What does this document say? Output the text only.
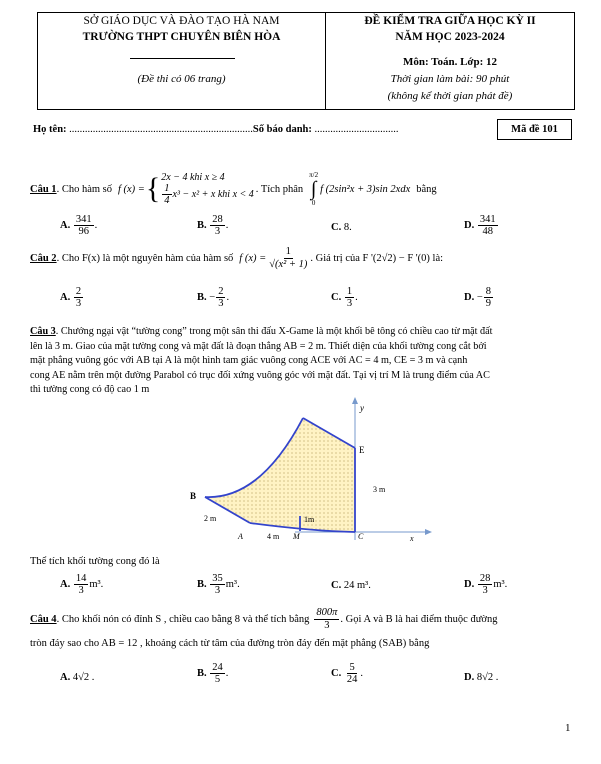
SỞ GIÁO DỤC VÀ ĐÀO TẠO HÀ NAM
TRƯỜNG THPT CHUYÊN BIÊN HÒA
(Đề thi có 06 trang)
ĐỀ KIỂM TRA GIỮA HỌC KỲ II
NĂM HỌC 2023-2024
Môn: Toán. Lớp: 12
Thời gian làm bài: 90 phút
(không kể thời gian phát đề)
Họ tên: ......................................................................Số báo danh: ................................	Mã đề 101
Câu 1 . Cho hàm số f (x) = { 2x − 4 khi x ≥ 4
$\frac{1}{4} x^3 - x^2 + x$ khi x < 4 . Tích phân
π/2
∫
0
f (2sin²x + 3)sin 2xdx bằng
A. $\frac{341}{96}$ .	B. $\frac{28}{3}$ .	C. 8.	D. $\frac{341}{48}$
Câu 2 . Cho F(x) là một nguyên hàm của hàm số f $(x) = \frac{1}{\text{√(x² + 1)}}$ . Giá trị của F '(2√2) − F '(0) là:
A. $\frac{2}{3}$	B. − $\frac{2}{3}$ .	C. $\frac{1}{3}$ .	D. − $\frac{8}{9}$
Câu 3. Chướng ngại vật “tường cong” trong một sân thi đấu X-Game là một khối bê tông có chiều cao từ mặt đất
lên là 3 m. Giao của mặt tường cong và mặt đất là đoạn thẳng AB = 2 m. Thiết diện của khối tường cong cắt bởi
mặt phẳng vuông góc với AB tại A là một hình tam giác vuông cong ACE với AC = 4 m, CE = 3 m và cạnh
cong AE nằm trên một đường Parabol có trục đối xứng vuông góc với mặt đất. Tại vị trí M là trung điểm của AC
thì tường cong có độ cao 1 m
y
E
B
3 m
2 m	1m
A	4 m M	C	x
Thể tích khối tường cong đó là
A. $\frac{14}{3} m^3$.	B. $\frac{35}{3} m^3$.	C. 24 m³.	D. $\frac{28}{3} m^3$.
Câu 4 . Cho khối nón có đỉnh S , chiều cao bằng 8 và thể tích bằng $\frac{800\pi}{3}$ . Gọi A và B là hai điểm thuộc đường
tròn đáy sao cho AB = 12 , khoảng cách từ tâm của đường tròn đáy đến mặt phẳng (SAB) bằng
A. 4√2 .	B. $\frac{24}{5}$ .	C. $\frac{5}{24}$ .	D. 8√2 .
1
